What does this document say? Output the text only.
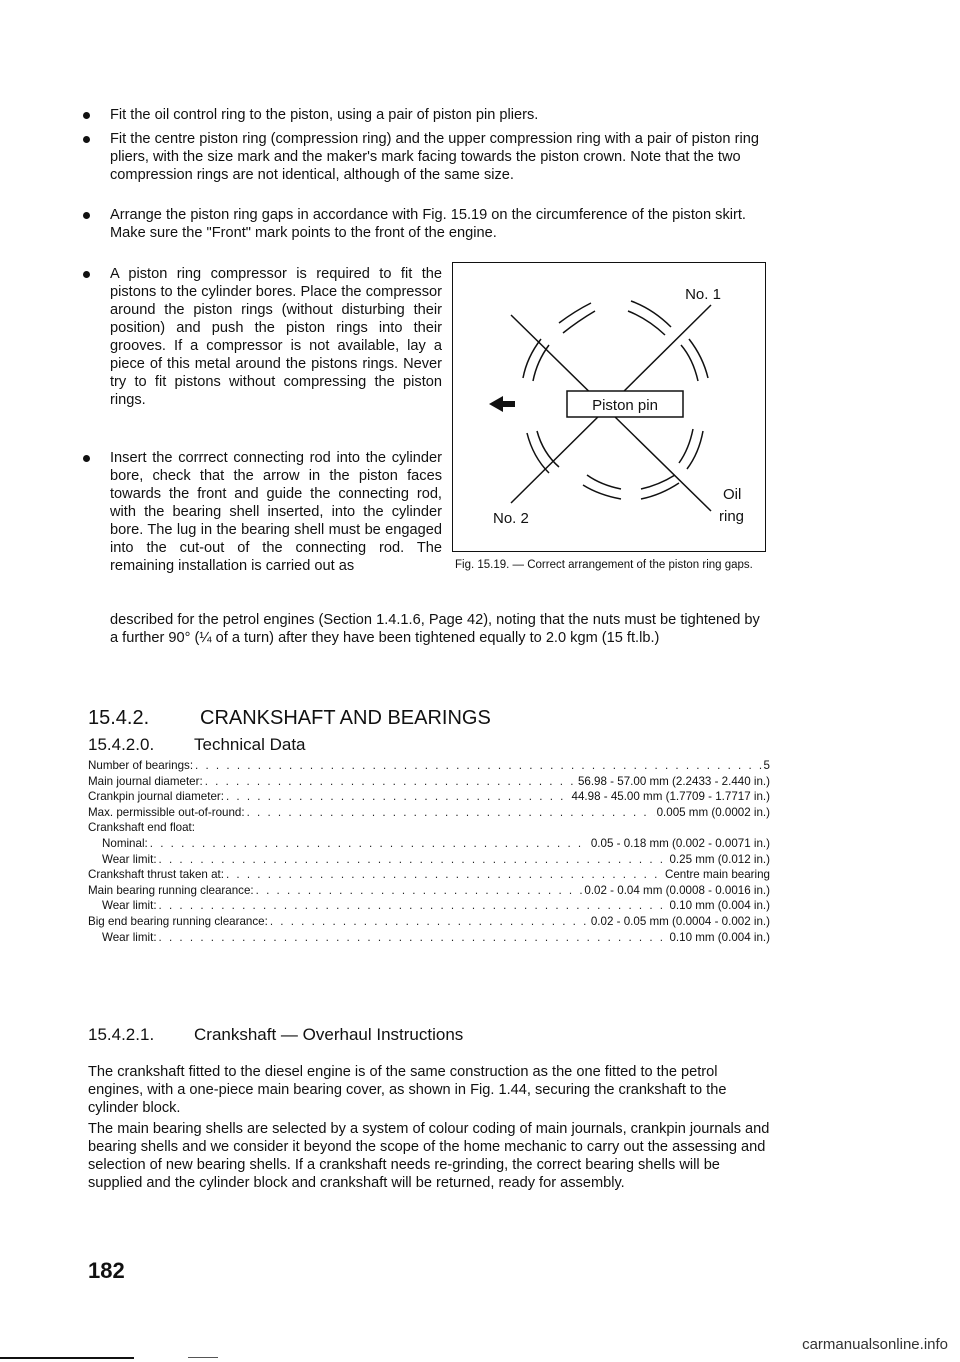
Fit the oil control ring to the piston, using a pair of piston pin pliers.
Fit the centre piston ring (compression ring) and the upper compression ring with a pair of piston ring pliers, with the size mark and the maker's mark facing towards the piston crown. Note that the two compression rings are not identical, although of the same size.
Arrange the piston ring gaps in accordance with Fig. 15.19 on the circumference of the piston skirt. Make sure the "Front" mark points to the front of the engine.
A piston ring compressor is required to fit the pistons to the cylinder bores. Place the compressor around the piston rings (without disturbing their position) and push the piston rings into their grooves. If a compressor is not available, lay a piece of this metal around the pistons rings. Never try to fit pistons without compressing the piston rings.
Insert the corrrect connecting rod into the cylinder bore, check that the arrow in the piston faces towards the front and guide the connecting rod, with the bearing shell inserted, into the cylinder bore. The lug in the bearing shell must be engaged into the cut-out of the connecting rod. The remaining installation is carried out as
described for the petrol engines (Section 1.4.1.6, Page 42), noting that the nuts must be tightened by a further 90° (¼ of a turn) after they have been tightened equally to 2.0 kgm (15 ft.lb.)
Piston pin
No. 1
No. 2
Oil
ring
Fig. 15.19. — Correct arrangement of the piston ring gaps.
15.4.2.	CRANKSHAFT AND BEARINGS
15.4.2.0. Technical Data
Number of bearings: . . .	5
Main journal diameter: . . .	56.98 - 57.00 mm (2.2433 - 2.440 in.)
Crankpin journal diameter: . . .	44.98 - 45.00 mm (1.7709 - 1.7717 in.)
Max. permissible out-of-round: . . .	0.005 mm (0.0002 in.)
Crankshaft end float:
Nominal: . . .	0.05 - 0.18 mm (0.002 - 0.0071 in.)
Wear limit: . . .	0.25 mm (0.012 in.)
Crankshaft thrust taken at: . . .	Centre main bearing
Main bearing running clearance: . . .	0.02 - 0.04 mm (0.0008 - 0.0016 in.)
Wear limit: . . .	0.10 mm (0.004 in.)
Big end bearing running clearance: . . .	0.02 - 0.05 mm (0.0004 - 0.002 in.)
Wear limit: . . .	0.10 mm (0.004 in.)
15.4.2.1. Crankshaft — Overhaul Instructions
The crankshaft fitted to the diesel engine is of the same construction as the one fitted to the petrol engines, with a one-piece main bearing cover, as shown in Fig. 1.44, securing the crankshaft to the cylinder block.
The main bearing shells are selected by a system of colour coding of main journals, crankpin journals and bearing shells and we consider it beyond the scope of the home mechanic to carry out the assessing and selection of new bearing shells. If a crankshaft needs re-grinding, the correct bearing shells will be supplied and the cylinder block and crankshaft will be returned, ready for assembly.
182
carmanualsonline.info
